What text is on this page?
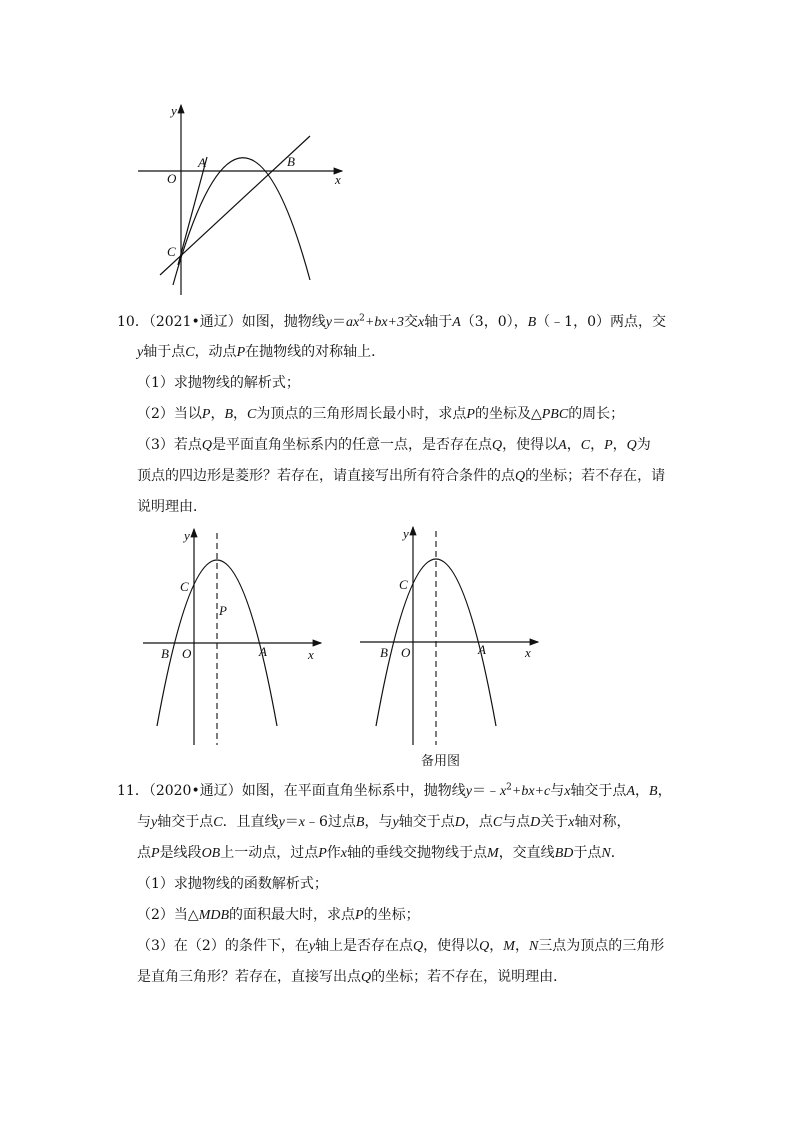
y
x
O
A	B
C
10．（2021•通辽）如图，抛物线$y=ax^2+bx+3$交x轴于A（3，0），B（﹣1，0）两点，交
y轴于点C，动点P在抛物线的对称轴上．
（1）求抛物线的解析式；
（2）当以P，B，C为顶点的三角形周长最小时，求点P的坐标及△PBC的周长；
（3）若点Q是平面直角坐标系内的任意一点，是否存在点Q，使得以A，C，P，Q为
顶点的四边形是菱形？若存在，请直接写出所有符合条件的点Q的坐标；若不存在，请
说明理由．
y
x
O
B	A
C
P
y
x
O
B	A
C
备用图
11．（2020•通辽）如图，在平面直角坐标系中，抛物线$y=﹣x^2+bx+c$与x轴交于点A，B，
与y轴交于点C．且直线y＝x﹣6过点B，与y轴交于点D，点C与点D关于x轴对称，
点P是线段OB上一动点，过点P作x轴的垂线交抛物线于点M，交直线BD于点N．
（1）求抛物线的函数解析式；
（2）当△MDB的面积最大时，求点P的坐标；
（3）在（2）的条件下，在y轴上是否存在点Q，使得以Q，M，N三点为顶点的三角形
是直角三角形？若存在，直接写出点Q的坐标；若不存在，说明理由．
